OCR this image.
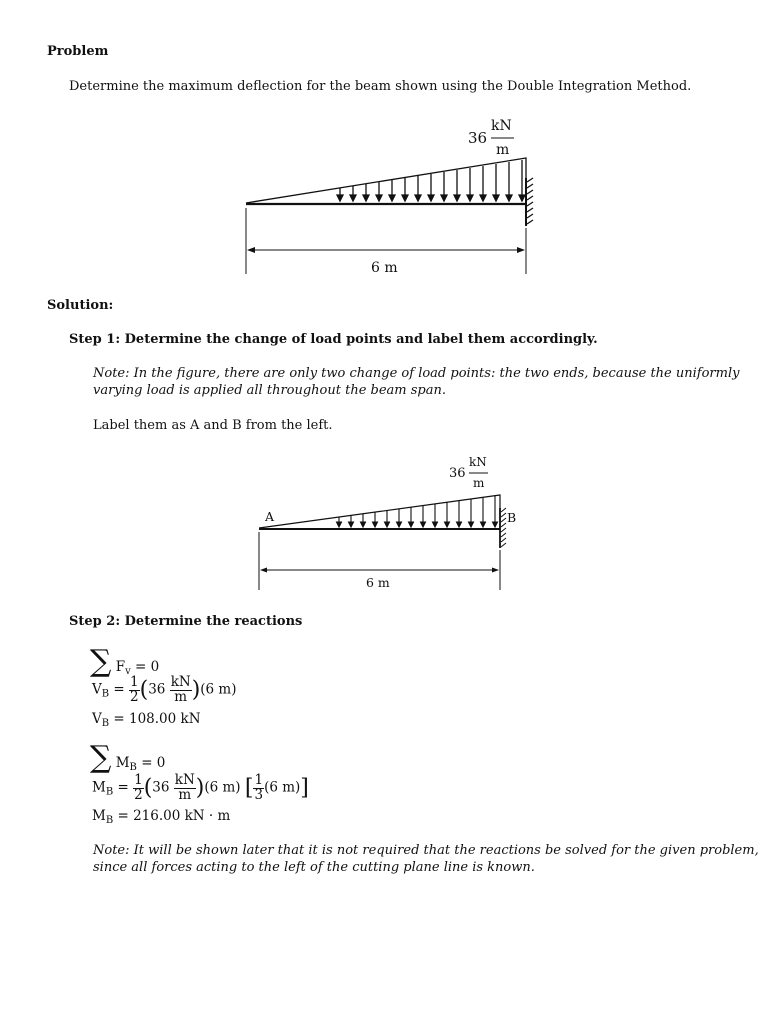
Problem
Determine the maximum deflection for the beam shown using the Double Integration Method.
6 m
36
kN
m
Solution:
Step 1: Determine the change of load points and label them accordingly.
Note: In the figure, there are only two change of load points: the two ends, because the uniformly
varying load is applied all throughout the beam span.
Label them as A and B from the left.
6 m
A	B
36
kN
m
Step 2: Determine the reactions
∑ $F_v = 0$
$V_B = \frac{1}{2} (36 \frac{kN}{m} )(6$ m)
$V_B = 108.00$ kN
∑ $M_B = 0$
$M_B = \frac{1}{2} (36 \frac{kN}{m} )(6$ m) [ $\frac{1}{3} (6$ m)]
$M_B = 216.00$ kN · m
Note: It will be shown later that it is not required that the reactions be solved for the given problem,
since all forces acting to the left of the cutting plane line is known.
